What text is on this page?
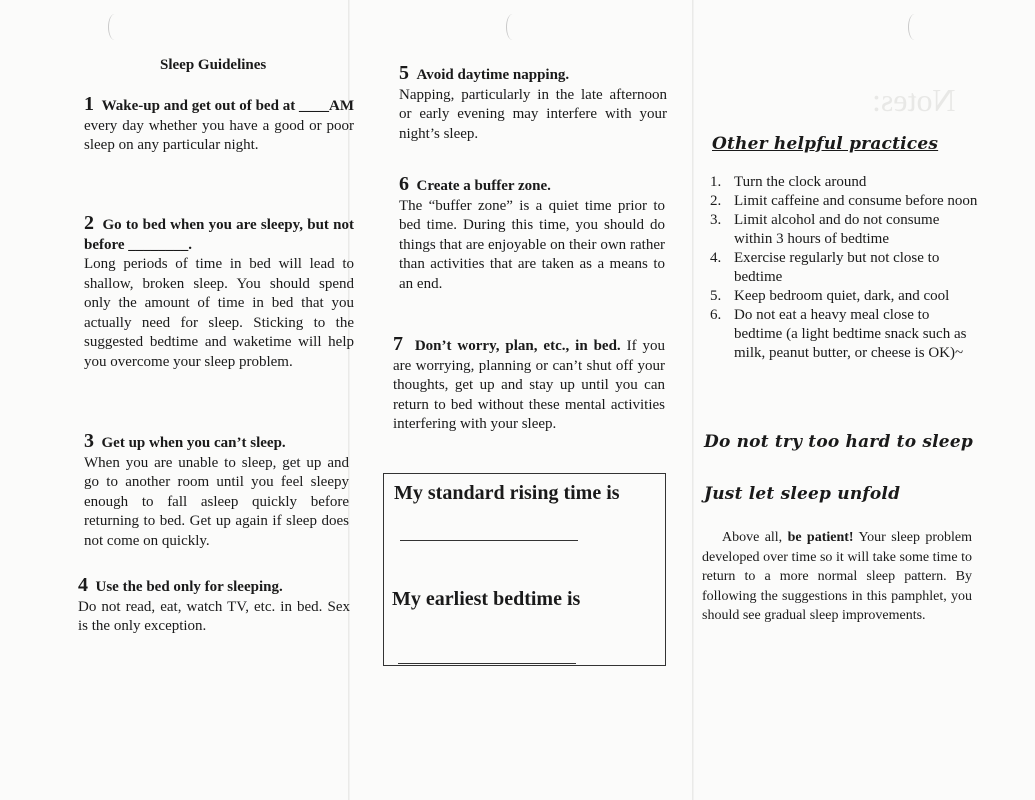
Sleep Guidelines

1 Wake-up and get out of bed at ____AM every day whether you have a good or poor sleep on any particular night.

2 Go to bed when you are sleepy, but not before ________.

Long periods of time in bed will lead to shallow, broken sleep. You should spend only the amount of time in bed that you actually need for sleep. Sticking to the suggested bedtime and waketime will help you overcome your sleep problem.

3 Get up when you can’t sleep.

When you are unable to sleep, get up and go to another room until you feel sleepy enough to fall asleep quickly before returning to bed. Get up again if sleep does not come on quickly.

4 Use the bed only for sleeping.

Do not read, eat, watch TV, etc. in bed. Sex is the only exception.

5 Avoid daytime napping.

Napping, particularly in the late afternoon or early evening may interfere with your night’s sleep.

6 Create a buffer zone.

The “buffer zone” is a quiet time prior to bed time. During this time, you should do things that are enjoyable on their own rather than activities that are taken as a means to an end.

7 Don’t worry, plan, etc., in bed. If you are worrying, planning or can’t shut off your thoughts, get up and stay up until you can return to bed without these mental activities interfering with your sleep.

My standard rising time is
My earliest bedtime is
Notes:
Other helpful practices
1. Turn the clock around
2. Limit caffeine and consume before noon
3. Limit alcohol and do not consume within 3 hours of bedtime
4. Exercise regularly but not close to bedtime
5. Keep bedroom quiet, dark, and cool
6. Do not eat a heavy meal close to bedtime (a light bedtime snack such as milk, peanut butter, or cheese is OK)~
Do not try too hard to sleep
Just let sleep unfold

Above all, be patient! Your sleep problem developed over time so it will take some time to return to a more normal sleep pattern. By following the suggestions in this pamphlet, you should see gradual sleep improvements.
